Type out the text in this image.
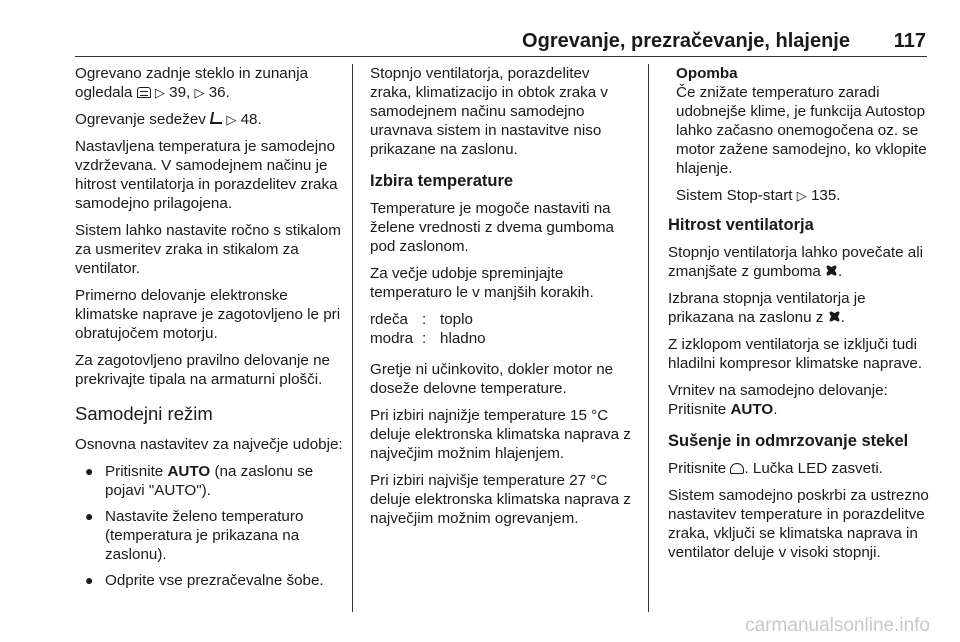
Ogrevanje, prezračevanje, hlajenje	117

Ogrevano zadnje steklo in zunanja ogledala ▷ 39, ▷ 36.

Ogrevanje sedežev ▷ 48.

Nastavljena temperatura je samodejno vzdrževana. V samodejnem načinu je hitrost ventilatorja in porazdelitev zraka samodejno prilagojena.

Sistem lahko nastavite ročno s stikalom za usmeritev zraka in stikalom za ventilator.

Primerno delovanje elektronske klimatske naprave je zagotovljeno le pri obratujočem motorju.

Za zagotovljeno pravilno delovanje ne prekrivajte tipala na armaturni plošči.

Samodejni režim

Osnovna nastavitev za največje udobje:

● Pritisnite AUTO (na zaslonu se pojavi "AUTO").
● Nastavite želeno temperaturo (temperatura je prikazana na zaslonu).
● Odprite vse prezračevalne šobe.

Stopnjo ventilatorja, porazdelitev zraka, klimatizacijo in obtok zraka v samodejnem načinu samodejno uravnava sistem in nastavitve niso prikazane na zaslonu.

Izbira temperature

Temperature je mogoče nastaviti na želene vrednosti z dvema gumboma pod zaslonom.

Za večje udobje spreminjajte temperaturo le v manjših korakih.

rdeča	:	toplo
modra	:	hladno

Gretje ni učinkovito, dokler motor ne doseže delovne temperature.

Pri izbiri najnižje temperature 15 °C deluje elektronska klimatska naprava z največjim možnim hlajenjem.

Pri izbiri najvišje temperature 27 °C deluje elektronska klimatska naprava z največjim možnim ogrevanjem.

Opomba

Če znižate temperaturo zaradi udobnejše klime, je funkcija Autostop lahko začasno onemogočena oz. se motor zažene samodejno, ko vklopite hlajenje.

Sistem Stop-start ▷ 135.

Hitrost ventilatorja

Stopnjo ventilatorja lahko povečate ali zmanjšate z gumboma .

Izbrana stopnja ventilatorja je prikazana na zaslonu z .

Z izklopom ventilatorja se izključi tudi hladilni kompresor klimatske naprave.

Vrnitev na samodejno delovanje: Pritisnite AUTO.

Sušenje in odmrzovanje stekel

Pritisnite . Lučka LED zasveti.

Sistem samodejno poskrbi za ustrezno nastavitev temperature in porazdelitve zraka, vključi se klimatska naprava in ventilator deluje v visoki stopnji.

carmanualsonline.info
